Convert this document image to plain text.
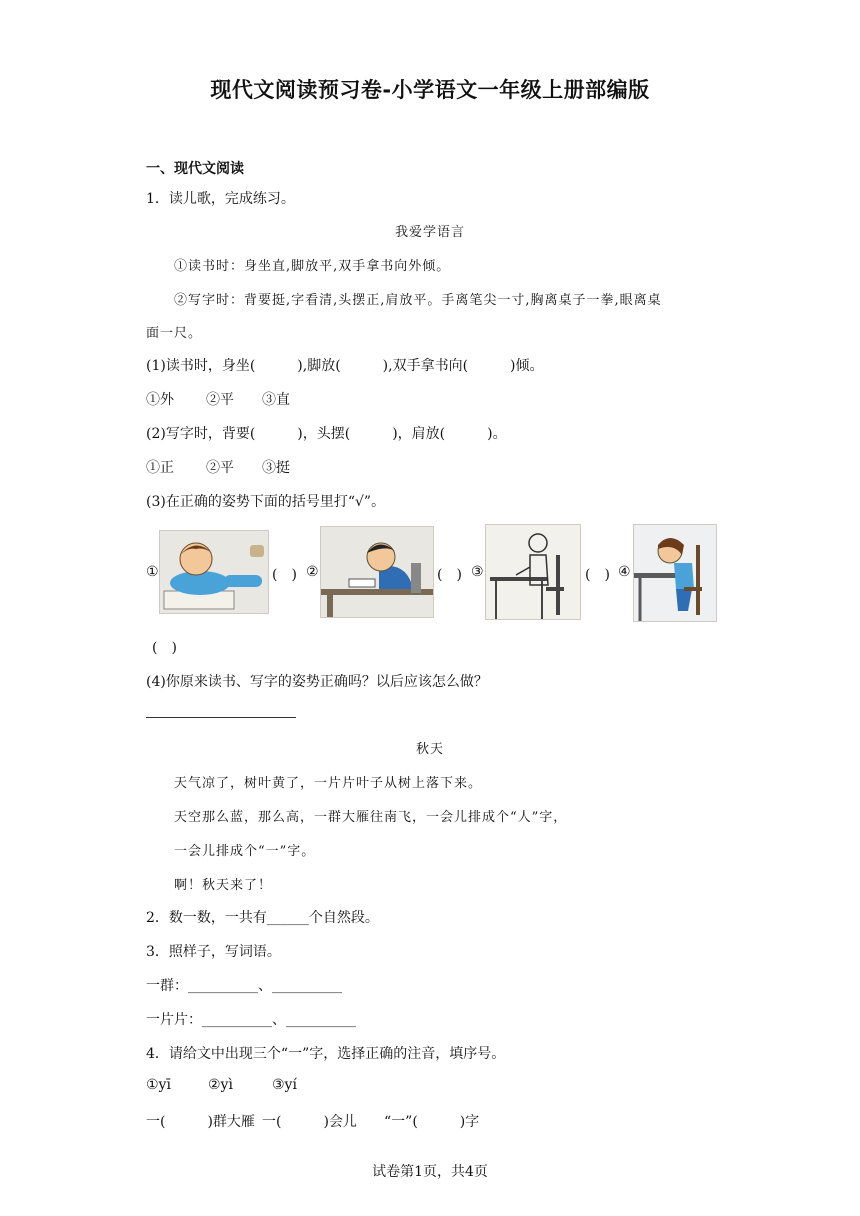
现代文阅读预习卷-小学语文一年级上册部编版
一、现代文阅读
1．读儿歌，完成练习。
我爱学语言
①读书时：身坐直,脚放平,双手拿书向外倾。
②写字时：背要挺,字看清,头摆正,肩放平。手离笔尖一寸,胸离桌子一拳,眼离桌
面一尺。
(1)读书时，身坐(　　　),脚放(　　　),双手拿书向(　　　)倾。
①外 ②平 ③直
(2)写字时，背要(　　　)，头摆(　　　)，肩放(　　　)。
①正 ②平 ③挺
(3)在正确的姿势下面的括号里打“√”。
①	(　) ②	(　) ③	(　) ④
(　)
(4)你原来读书、写字的姿势正确吗？以后应该怎么做？
秋天
天气凉了，树叶黄了，一片片叶子从树上落下来。
天空那么蓝，那么高，一群大雁往南飞，一会儿排成个“人”字，
一会儿排成个“一”字。
啊！秋天来了！
2．数一数，一共有______个自然段。
3．照样子，写词语。
一群：__________、__________
一片片：__________、__________
4．请给文中出现三个“一”字，选择正确的注音，填序号。
①yī	②yì	③yí
一(　　　)群大雁 一(　　　)会儿 “一”(　　　)字
试卷第1页，共4页
